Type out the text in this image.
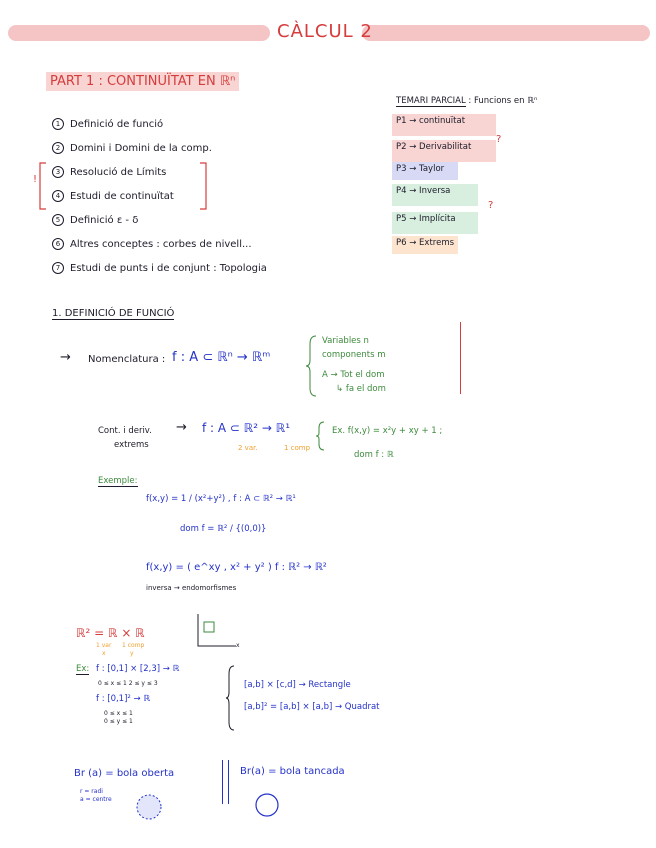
CÀLCUL 2
PART 1 : CONTINUÏTAT EN ℝⁿ
1 Definició de funció
2 Domini i Domini de la comp.
3 Resolució de Límits
4 Estudi de continuïtat
5 Definició ε - δ
6 Altres conceptes : corbes de nivell...
7 Estudi de punts i de conjunt : Topologia
!
TEMARI PARCIAL : Funcions en ℝⁿ
P1 → continuïtat
P2 → Derivabilitat
P3 → Taylor
P4 → Inversa
P5 → Implícita
P6 → Extrems
?
?
1. DEFINICIÓ DE FUNCIÓ
→ Nomenclatura : f : A ⊂ ℝⁿ → ℝᵐ
Variables n
components m
A → Tot el dom
↳ fa el dom
Cont. i deriv.
extrems
→ f : A ⊂ ℝ² → ℝ¹
2 var.	1 comp
Ex. f(x,y) = x²y + xy + 1 ;
dom f : ℝ
Exemple:
f(x,y) = 1 / (x²+y²) , f : A ⊂ ℝ² → ℝ¹
dom f = ℝ² / {(0,0)}
f(x,y) = ( e^xy , x² + y² ) f : ℝ² → ℝ²
inversa → endomorfismes
ℝ² = ℝ × ℝ
1 var 1 comp
x	y
x
Ex: f : [0,1] × [2,3] → ℝ
0 ≤ x ≤ 1 2 ≤ y ≤ 3
f : [0,1]² → ℝ
0 ≤ x ≤ 1
0 ≤ y ≤ 1
[a,b] × [c,d] → Rectangle
[a,b]² = [a,b] × [a,b] → Quadrat
Br (a) = bola oberta
r = radi
a = centre
Br(a) = bola tancada
